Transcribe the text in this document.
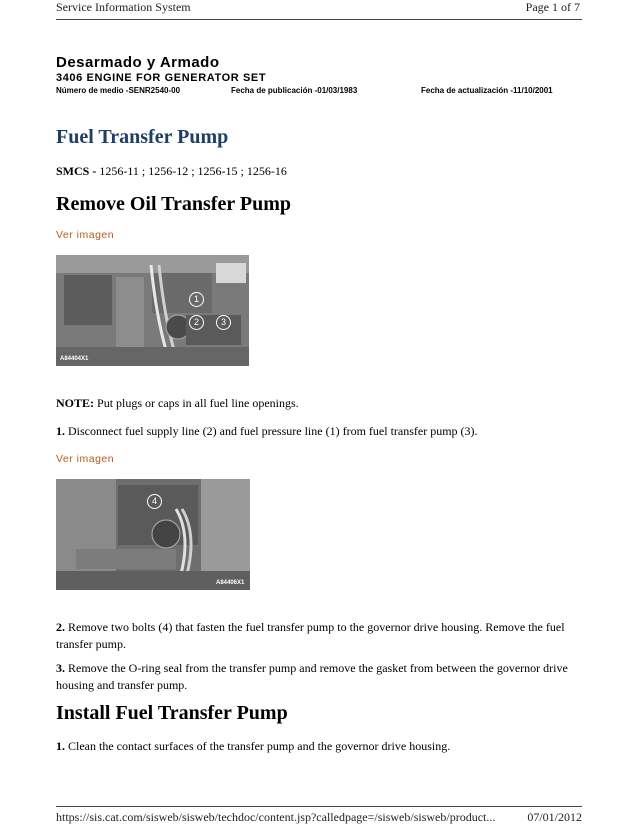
Service Information System	Page 1 of 7
Desarmado y Armado
3406 ENGINE FOR GENERATOR SET
Número de medio -SENR2540-00	Fecha de publicación -01/03/1983	Fecha de actualización -11/10/2001
Fuel Transfer Pump
SMCS - 1256-11 ; 1256-12 ; 1256-15 ; 1256-16
Remove Oil Transfer Pump
Ver imagen
1
2	3
A84404X1
NOTE: Put plugs or caps in all fuel line openings.
1. Disconnect fuel supply line (2) and fuel pressure line (1) from fuel transfer pump (3).
Ver imagen
4
A84406X1
2. Remove two bolts (4) that fasten the fuel transfer pump to the governor drive housing. Remove the fuel transfer pump.
3. Remove the O-ring seal from the transfer pump and remove the gasket from between the governor drive housing and transfer pump.
Install Fuel Transfer Pump
1. Clean the contact surfaces of the transfer pump and the governor drive housing.
https://sis.cat.com/sisweb/sisweb/techdoc/content.jsp?calledpage=/sisweb/sisweb/product...	07/01/2012
